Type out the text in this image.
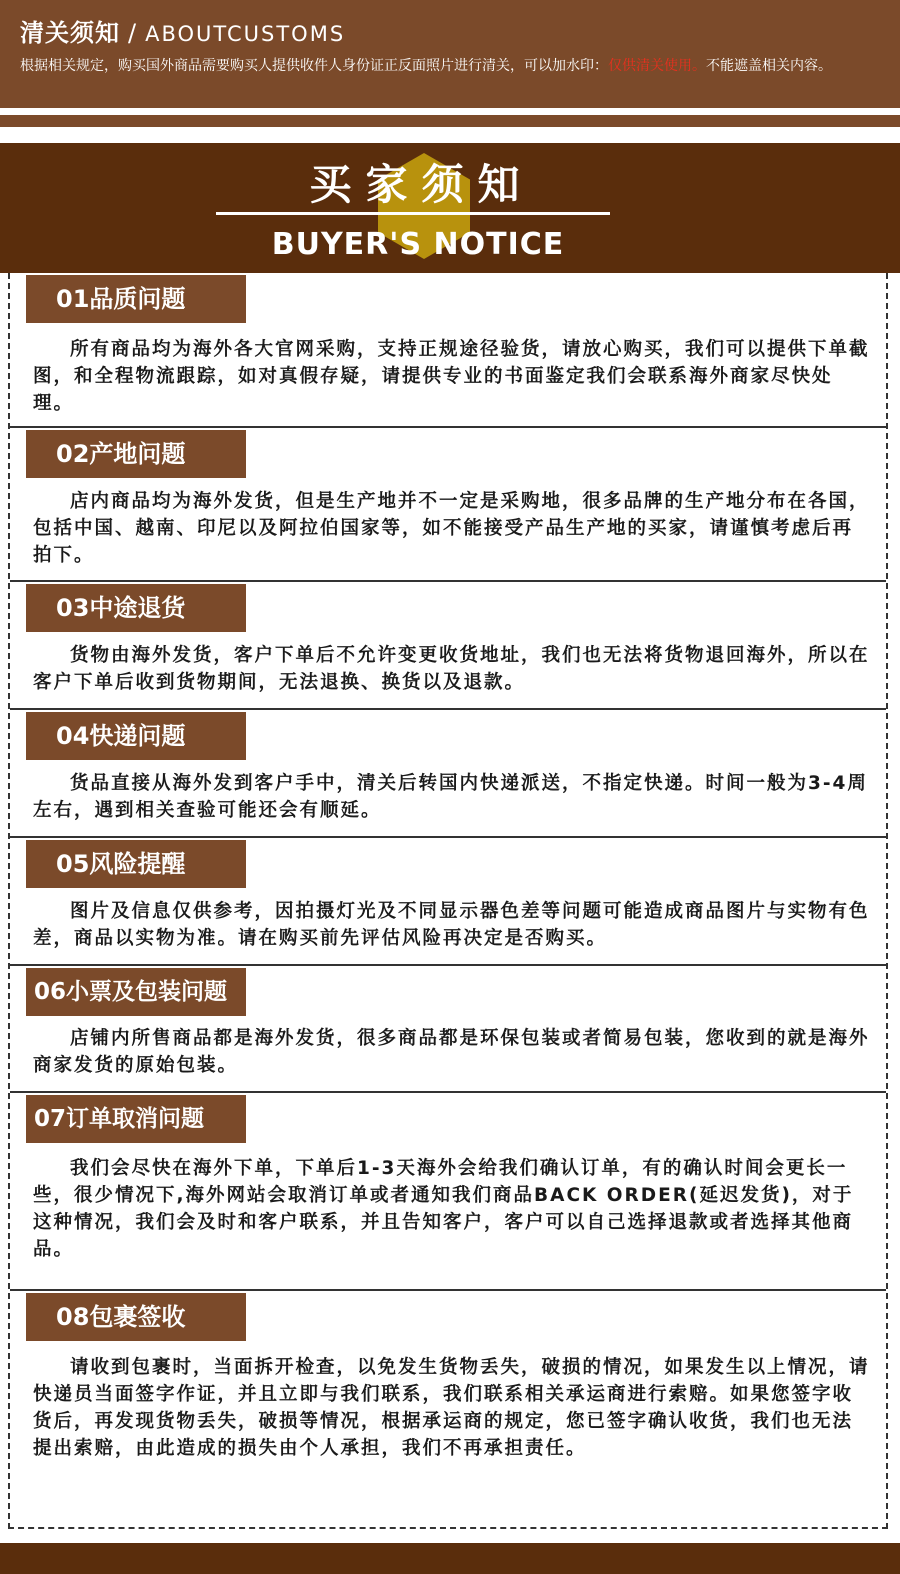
清关须知 / ABOUTCUSTOMS
根据相关规定，购买国外商品需要购买人提供收件人身份证正反面照片进行清关，可以加水印：仅供清关使用。不能遮盖相关内容。
买家须知
BUYER'S NOTICE
01品质问题
所有商品均为海外各大官网采购，支持正规途径验货，请放心购买，我们可以提供下单截图，和全程物流跟踪，如对真假存疑，请提供专业的书面鉴定我们会联系海外商家尽快处理。
02产地问题
店内商品均为海外发货，但是生产地并不一定是采购地，很多品牌的生产地分布在各国，包括中国、越南、印尼以及阿拉伯国家等，如不能接受产品生产地的买家，请谨慎考虑后再拍下。
03中途退货
货物由海外发货，客户下单后不允许变更收货地址，我们也无法将货物退回海外，所以在客户下单后收到货物期间，无法退换、换货以及退款。
04快递问题
货品直接从海外发到客户手中，清关后转国内快递派送，不指定快递。时间一般为3-4周左右，遇到相关查验可能还会有顺延。
05风险提醒
图片及信息仅供参考，因拍摄灯光及不同显示器色差等问题可能造成商品图片与实物有色差，商品以实物为准。请在购买前先评估风险再决定是否购买。
06小票及包装问题
店铺内所售商品都是海外发货，很多商品都是环保包装或者简易包装，您收到的就是海外商家发货的原始包装。
07订单取消问题
我们会尽快在海外下单，下单后1-3天海外会给我们确认订单，有的确认时间会更长一些，很少情况下,海外网站会取消订单或者通知我们商品BACK ORDER(延迟发货)，对于这种情况，我们会及时和客户联系，并且告知客户，客户可以自己选择退款或者选择其他商品。
08包裹签收
请收到包裹时，当面拆开检查，以免发生货物丢失，破损的情况，如果发生以上情况，请快递员当面签字作证，并且立即与我们联系，我们联系相关承运商进行索赔。如果您签字收货后，再发现货物丢失，破损等情况，根据承运商的规定，您已签字确认收货，我们也无法提出索赔，由此造成的损失由个人承担，我们不再承担责任。
